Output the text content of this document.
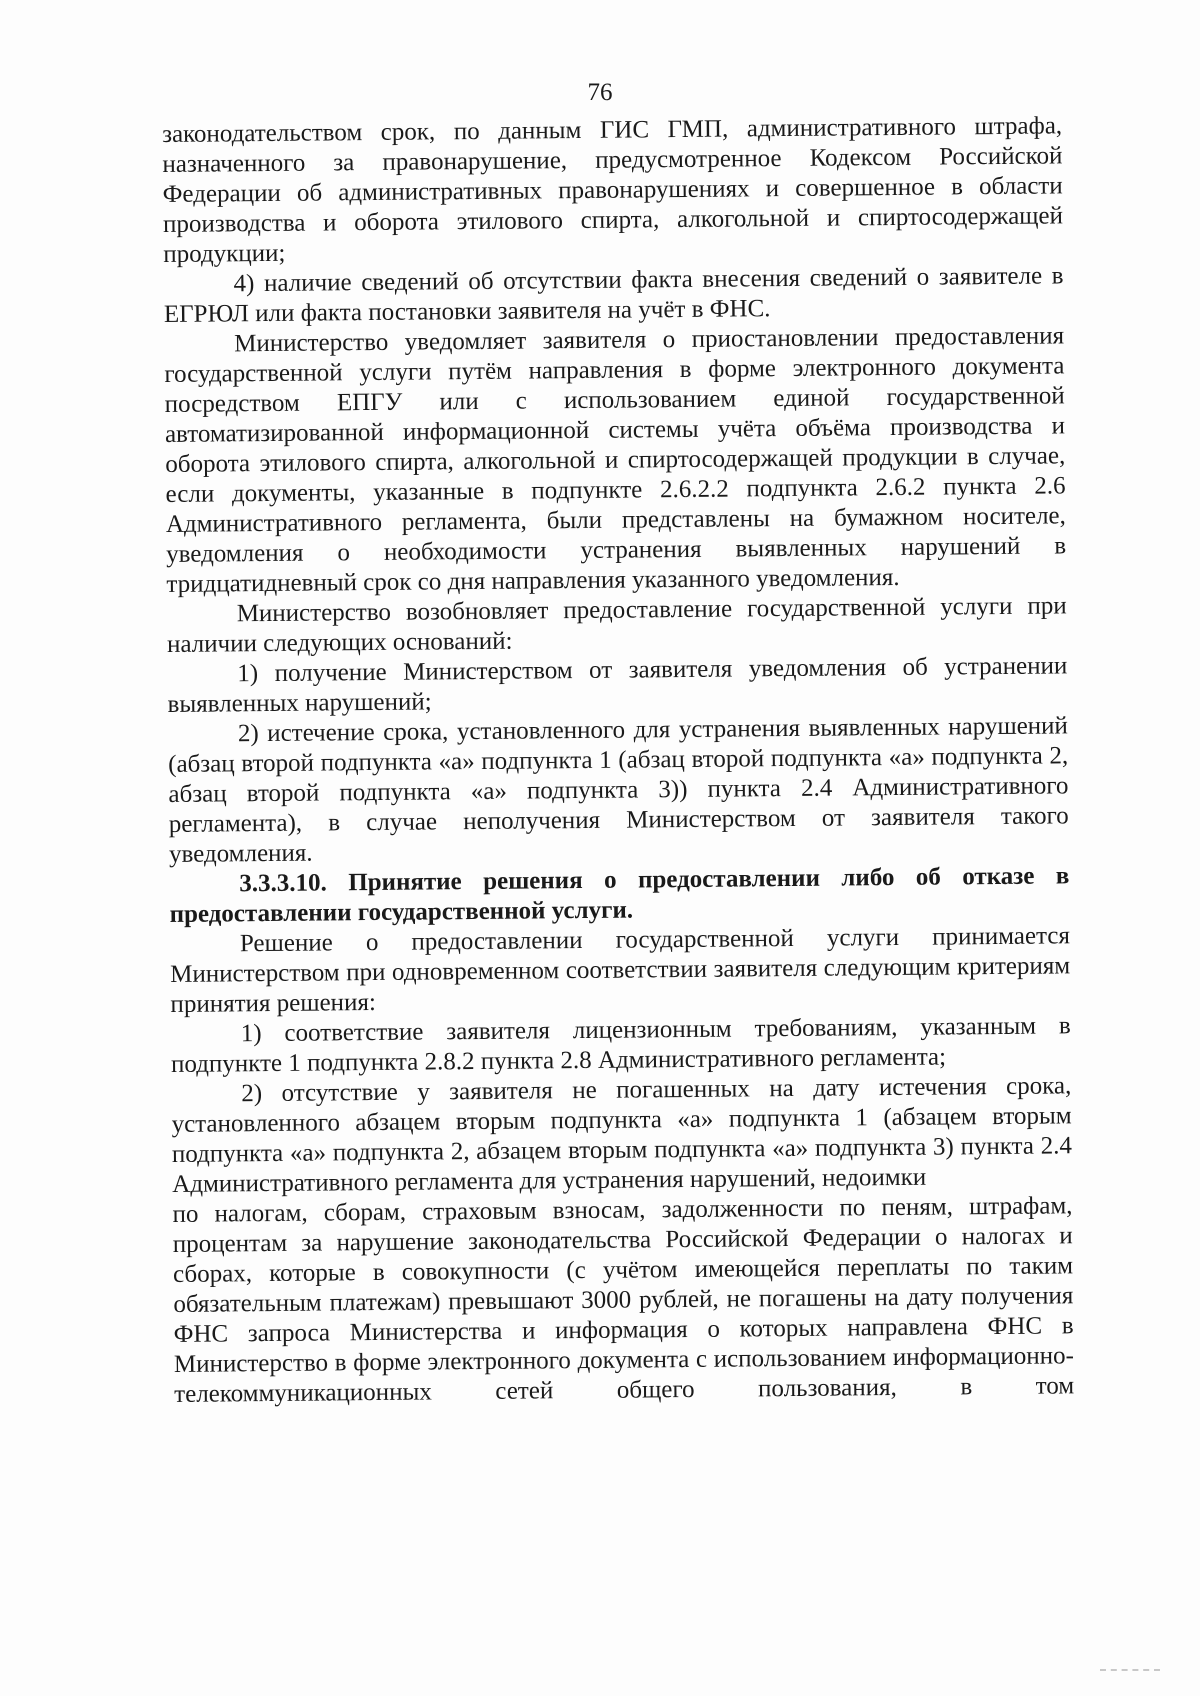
76

законодательством срок, по данным ГИС ГМП, административного штрафа, назначенного за правонарушение, предусмотренное Кодексом Российской Федерации об административных правонарушениях и совершенное в области производства и оборота этилового спирта, алкогольной и спиртосодержащей продукции;

4) наличие сведений об отсутствии факта внесения сведений о заявителе в ЕГРЮЛ или факта постановки заявителя на учёт в ФНС.

Министерство уведомляет заявителя о приостановлении предоставления государственной услуги путём направления в форме электронного документа посредством ЕПГУ или с использованием единой государственной автоматизированной информационной системы учёта объёма производства и оборота этилового спирта, алкогольной и спиртосодержащей продукции в случае, если документы, указанные в подпункте 2.6.2.2 подпункта 2.6.2 пункта 2.6 Административного регламента, были представлены на бумажном носителе, уведомления о необходимости устранения выявленных нарушений в тридцатидневный срок со дня направления указанного уведомления.

Министерство возобновляет предоставление государственной услуги при наличии следующих оснований:

1) получение Министерством от заявителя уведомления об устранении выявленных нарушений;

2) истечение срока, установленного для устранения выявленных нарушений (абзац второй подпункта «а» подпункта 1 (абзац второй подпункта «а» подпункта 2, абзац второй подпункта «а» подпункта 3)) пункта 2.4 Административного регламента), в случае неполучения Министерством от заявителя такого уведомления.

3.3.3.10. Принятие решения о предоставлении либо об отказе в предоставлении государственной услуги.

Решение о предоставлении государственной услуги принимается Министерством при одновременном соответствии заявителя следующим критериям принятия решения:

1) соответствие заявителя лицензионным требованиям, указанным в подпункте 1 подпункта 2.8.2 пункта 2.8 Административного регламента;

2) отсутствие у заявителя не погашенных на дату истечения срока, установленного абзацем вторым подпункта «а» подпункта 1 (абзацем вторым подпункта «а» подпункта 2, абзацем вторым подпункта «а» подпункта 3) пункта 2.4 Административного регламента для устранения нарушений, недоимки

по налогам, сборам, страховым взносам, задолженности по пеням, штрафам, процентам за нарушение законодательства Российской Федерации о налогах и сборах, которые в совокупности (с учётом имеющейся переплаты по таким обязательным платежам) превышают 3000 рублей, не погашены на дату получения ФНС запроса Министерства и информация о которых направлена ФНС в Министерство в форме электронного документа с использованием информационно-телекоммуникационных сетей общего пользования, в том
